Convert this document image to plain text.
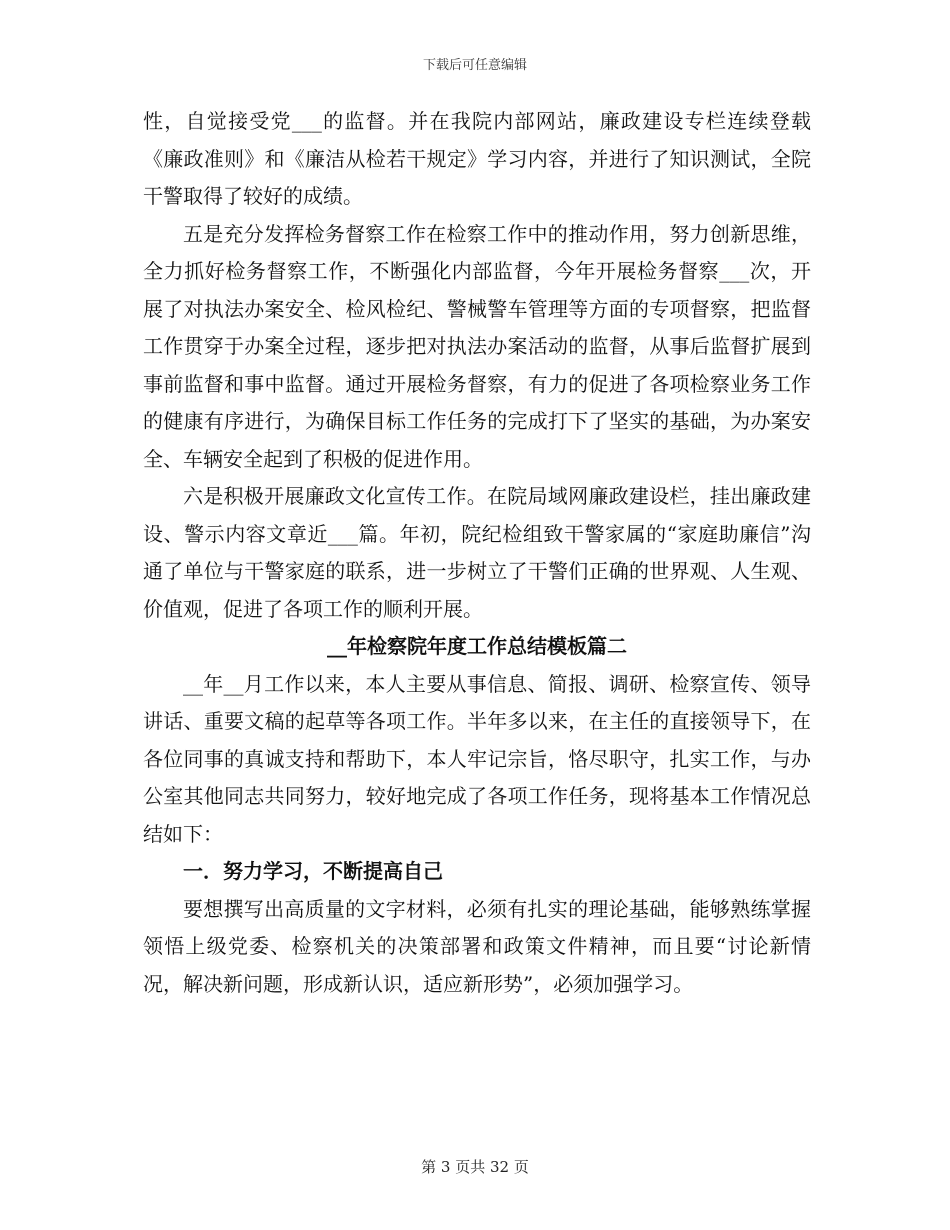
下载后可任意编辑

性，自觉接受党___的监督。并在我院内部网站，廉政建设专栏连续登载《廉政准则》和《廉洁从检若干规定》学习内容，并进行了知识测试，全院干警取得了较好的成绩。

五是充分发挥检务督察工作在检察工作中的推动作用，努力创新思维，全力抓好检务督察工作，不断强化内部监督，今年开展检务督察___次，开展了对执法办案安全、检风检纪、警械警车管理等方面的专项督察，把监督工作贯穿于办案全过程，逐步把对执法办案活动的监督，从事后监督扩展到事前监督和事中监督。通过开展检务督察，有力的促进了各项检察业务工作的健康有序进行，为确保目标工作任务的完成打下了坚实的基础，为办案安全、车辆安全起到了积极的促进作用。

六是积极开展廉政文化宣传工作。在院局域网廉政建设栏，挂出廉政建设、警示内容文章近___篇。年初，院纪检组致干警家属的“家庭助廉信”沟通了单位与干警家庭的联系，进一步树立了干警们正确的世界观、人生观、价值观，促进了各项工作的顺利开展。

__年检察院年度工作总结模板篇二

__年__月工作以来，本人主要从事信息、简报、调研、检察宣传、领导讲话、重要文稿的起草等各项工作。半年多以来，在主任的直接领导下，在各位同事的真诚支持和帮助下，本人牢记宗旨，恪尽职守，扎实工作，与办公室其他同志共同努力，较好地完成了各项工作任务，现将基本工作情况总结如下：

一．努力学习，不断提高自己

要想撰写出高质量的文字材料，必须有扎实的理论基础，能够熟练掌握领悟上级党委、检察机关的决策部署和政策文件精神，而且要“讨论新情况，解决新问题，形成新认识，适应新形势”，必须加强学习。

第 3 页共 32 页
